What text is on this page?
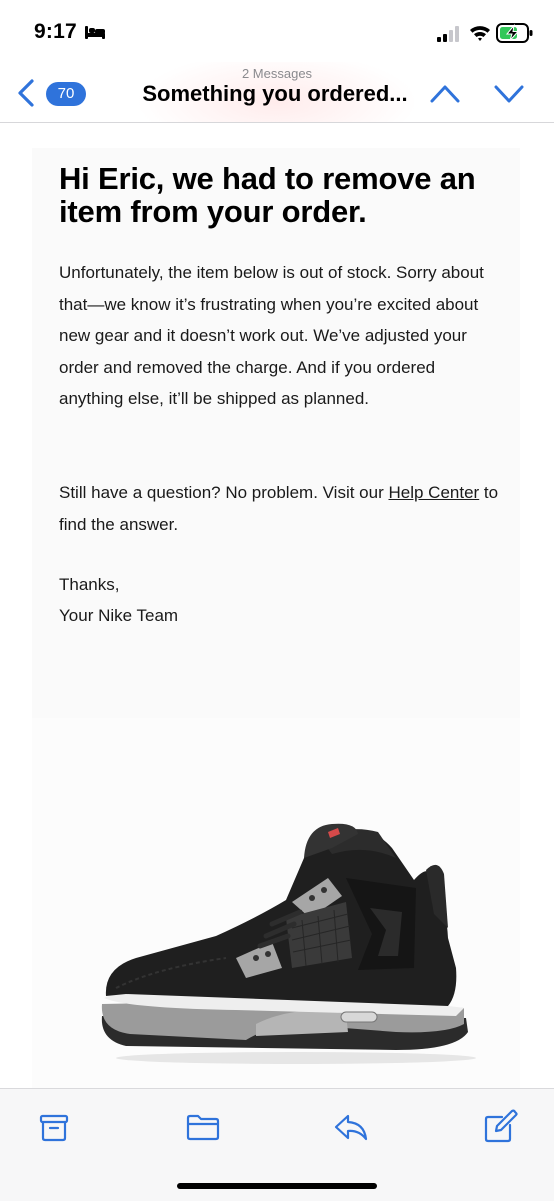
9:17
70
2 Messages
Something you ordered...
Hi Eric, we had to remove an item from your order.

Unfortunately, the item below is out of stock. Sorry about that—we know it’s frustrating when you’re excited about new gear and it doesn’t work out. We’ve adjusted your order and removed the charge. And if you ordered anything else, it’ll be shipped as planned.

Still have a question? No problem. Visit our Help Center to find the answer.

Thanks,

Your Nike Team
